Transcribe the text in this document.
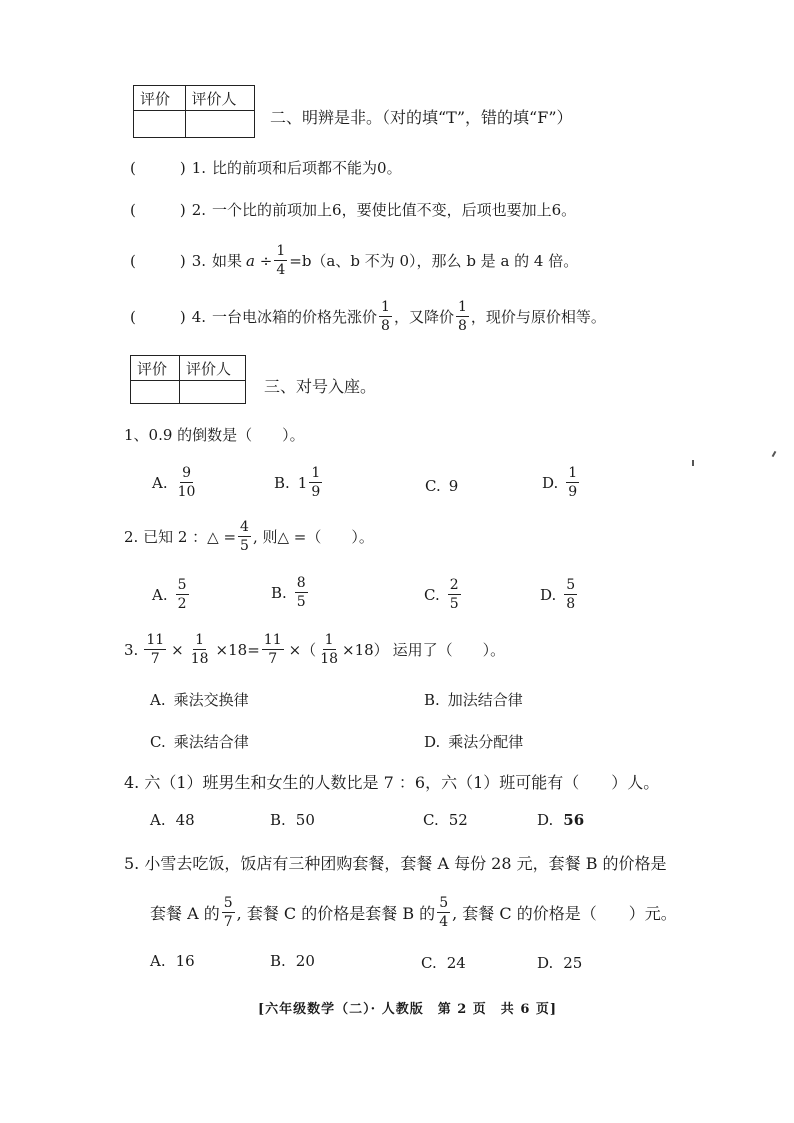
评价	评价人

二、明辨是非。（对的填“T”，错的填“F”）
(	) 1. 比的前项和后项都不能为0。
(	) 2. 一个比的前项加上6，要使比值不变，后项也要加上6。
(	) 3. 如果 $a \div \frac{1}{4} =b(a$、b 不为 0），那么 b 是 a 的 4 倍。
(	) 4. 一台电冰箱的价格先涨价 $\frac{1}{8}$ ，又降价 $\frac{1}{8}$ ，现价与原价相等。
评价	评价人

三、对号入座。
1、0.9 的倒数是（　　）。
A. $\frac{9}{10}$	B. $1 \frac{1}{9}$	C. 9	D. $\frac{1}{9}$
2. 已知 2 ：△ = $\frac{4}{5}$ , 则△ =（　　）。
A. $\frac{5}{2}$	B. $\frac{8}{5}$	C. $\frac{2}{5}$	D. $\frac{5}{8}$
3. $\frac{11}{7} \times \frac{1}{18} \times 18= \frac{11}{7}$ ×（ $\frac{1}{18} \times 18$） 运用了（　　）。
A. 乘法交换律	B. 加法结合律
C. 乘法结合律	D. 乘法分配律
4. 六（1）班男生和女生的人数比是 7 ：6，六（1）班可能有（　　）人。
A. 48	B. 50	C. 52	D. 56
5. 小雪去吃饭，饭店有三种团购套餐，套餐 A 每份 28 元，套餐 B 的价格是
套餐 A 的 $\frac{5}{7}$ , 套餐 C 的价格是套餐 B 的 $\frac{5}{4}$ , 套餐 C 的价格是（　　）元。
A. 16	B. 20	C. 24	D. 25
[六年级数学（二）· 人教版　第 2 页　共 6 页]
